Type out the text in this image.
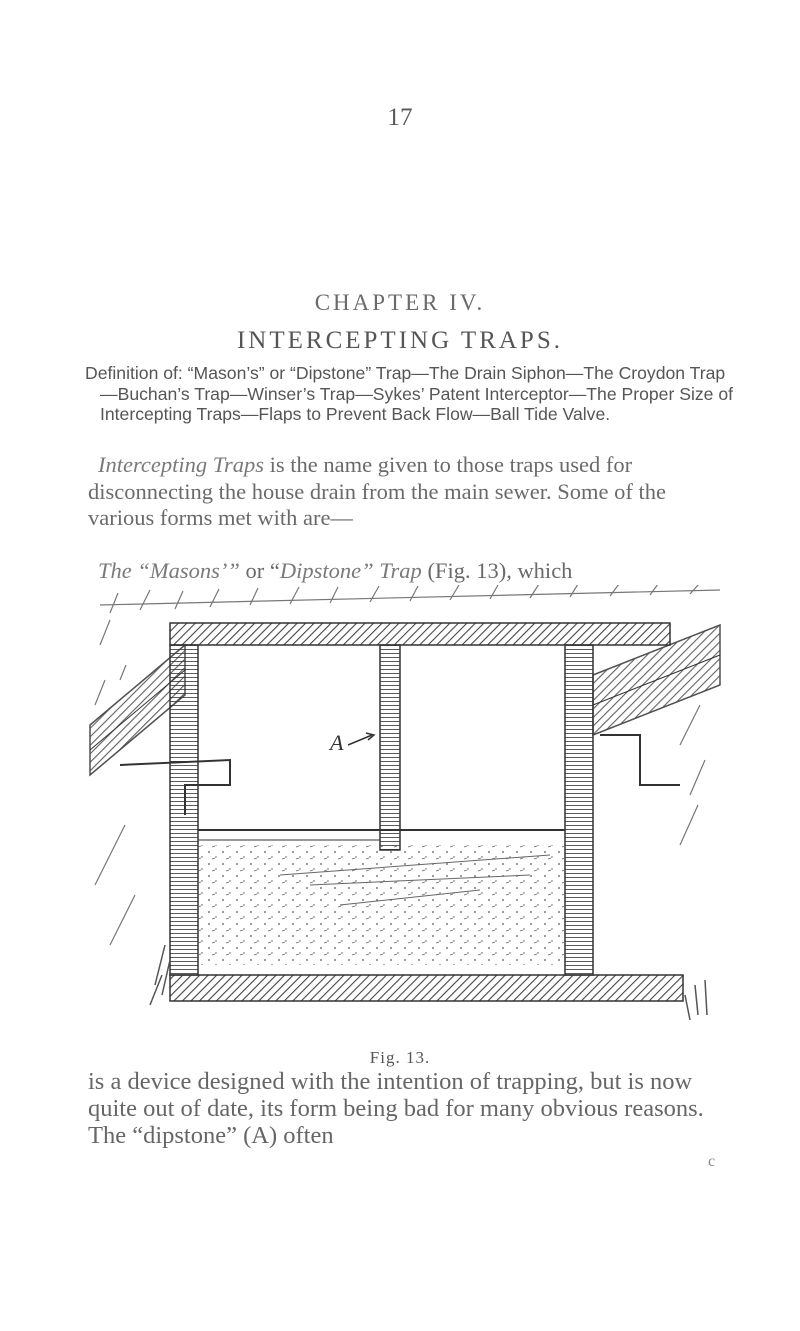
17
CHAPTER IV.
INTERCEPTING TRAPS.
Definition of: “Mason’s” or “Dipstone” Trap—The Drain Siphon—The Croydon Trap—Buchan’s Trap—Winser’s Trap—Sykes’ Patent Interceptor—The Proper Size of Intercepting Traps—Flaps to Prevent Back Flow—Ball Tide Valve.
Intercepting Traps is the name given to those traps used for disconnecting the house drain from the main sewer. Some of the various forms met with are—
The “Masons’” or “Dipstone” Trap (Fig. 13), which
A
Fig. 13.
is a device designed with the intention of trapping, but is now quite out of date, its form being bad for many obvious reasons. The “dipstone” (A) often
c
